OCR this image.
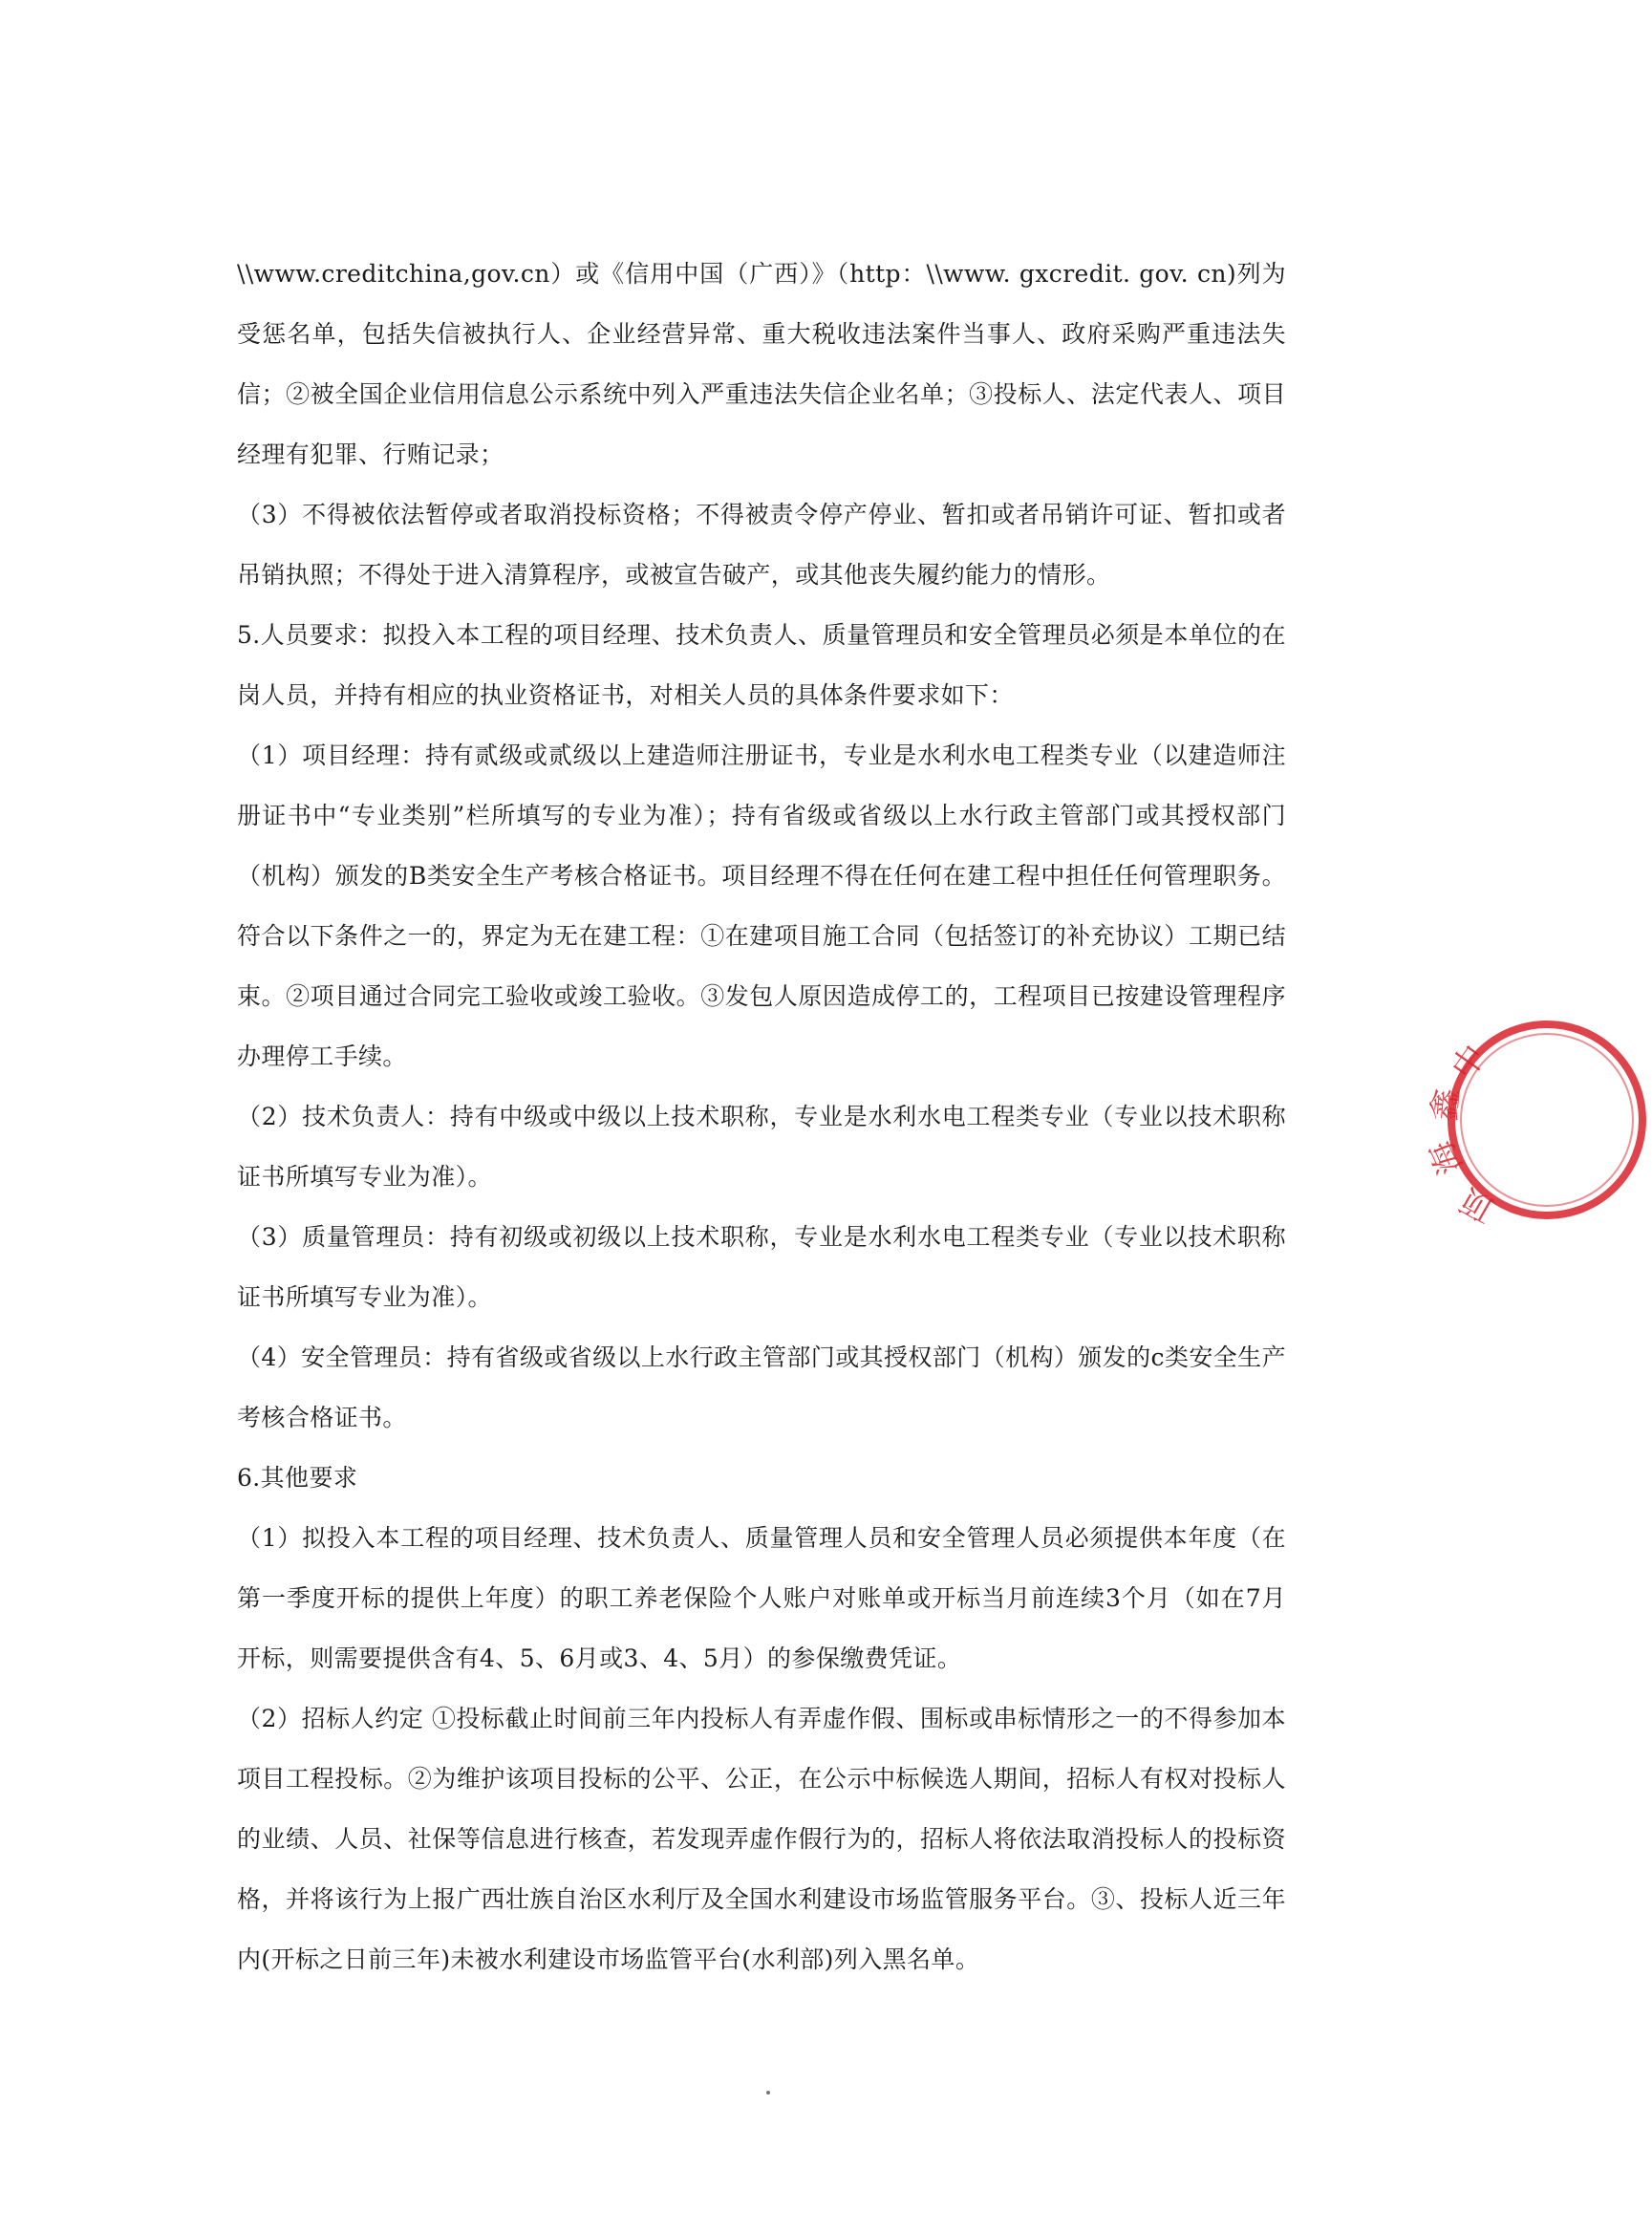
\\www.creditchina,gov.cn）或《信用中国（广西）》（http：\\www. gxcredit. gov. cn)列为受惩名单，包括失信被执行人、企业经营异常、重大税收违法案件当事人、政府采购严重违法失信；②被全国企业信用信息公示系统中列入严重违法失信企业名单；③投标人、法定代表人、项目经理有犯罪、行贿记录；

（3）不得被依法暂停或者取消投标资格；不得被责令停产停业、暂扣或者吊销许可证、暂扣或者吊销执照；不得处于进入清算程序，或被宣告破产，或其他丧失履约能力的情形。

5.人员要求：拟投入本工程的项目经理、技术负责人、质量管理员和安全管理员必须是本单位的在岗人员，并持有相应的执业资格证书，对相关人员的具体条件要求如下：

（1）项目经理：持有贰级或贰级以上建造师注册证书，专业是水利水电工程类专业（以建造师注册证书中“专业类别”栏所填写的专业为准）；持有省级或省级以上水行政主管部门或其授权部门（机构）颁发的B类安全生产考核合格证书。项目经理不得在任何在建工程中担任任何管理职务。符合以下条件之一的，界定为无在建工程：①在建项目施工合同（包括签订的补充协议）工期已结束。②项目通过合同完工验收或竣工验收。③发包人原因造成停工的，工程项目已按建设管理程序办理停工手续。

（2）技术负责人：持有中级或中级以上技术职称，专业是水利水电工程类专业（专业以技术职称证书所填写专业为准）。

（3）质量管理员：持有初级或初级以上技术职称，专业是水利水电工程类专业（专业以技术职称证书所填写专业为准）。

（4）安全管理员：持有省级或省级以上水行政主管部门或其授权部门（机构）颁发的c类安全生产考核合格证书。

6.其他要求

（1）拟投入本工程的项目经理、技术负责人、质量管理人员和安全管理人员必须提供本年度（在第一季度开标的提供上年度）的职工养老保险个人账户对账单或开标当月前连续3个月（如在7月开标，则需要提供含有4、5、6月或3、4、5月）的参保缴费凭证。

（2）招标人约定 ①投标截止时间前三年内投标人有弄虚作假、围标或串标情形之一的不得参加本项目工程投标。②为维护该项目投标的公平、公正，在公示中标候选人期间，招标人有权对投标人的业绩、人员、社保等信息进行核查，若发现弄虚作假行为的，招标人将依法取消投标人的投标资格，并将该行为上报广西壮族自治区水利厅及全国水利建设市场监管服务平台。③、投标人近三年内(开标之日前三年)未被水利建设市场监管平台(水利部)列入黑名单。

中
鑫
海
顶
